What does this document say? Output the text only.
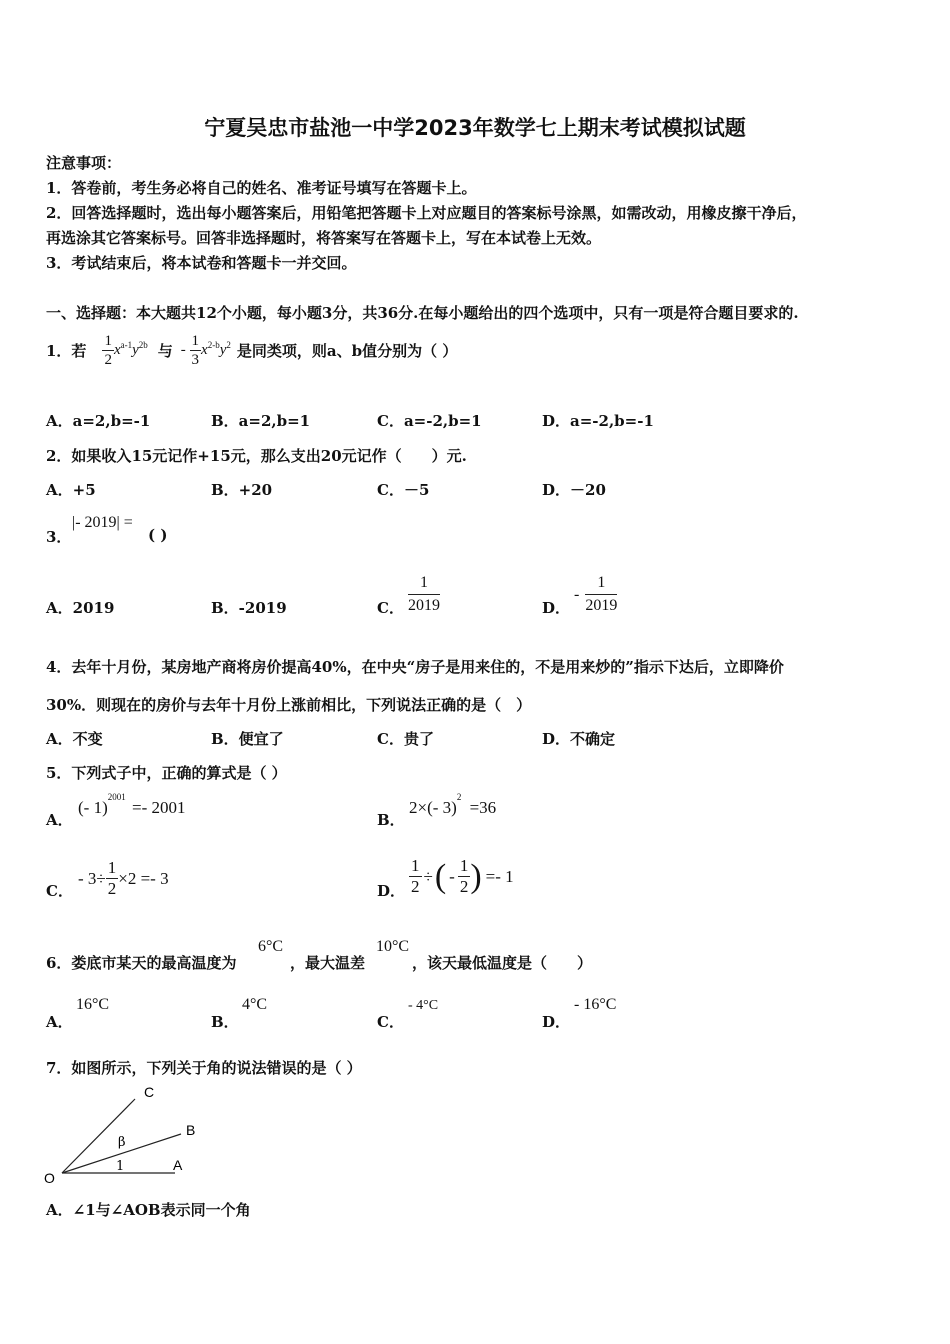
宁夏吴忠市盐池一中学2023年数学七上期末考试模拟试题
注意事项：
1．答卷前，考生务必将自己的姓名、准考证号填写在答题卡上。
2．回答选择题时，选出每小题答案后，用铅笔把答题卡上对应题目的答案标号涂黑，如需改动，用橡皮擦干净后，
再选涂其它答案标号。回答非选择题时，将答案写在答题卡上，写在本试卷上无效。
3．考试结束后，将本试卷和答题卡一并交回。
一、选择题：本大题共12个小题，每小题3分，共36分.在每小题给出的四个选项中，只有一项是符合题目要求的.
1．若 $\frac{1}{2} x^{a-1}y^{2b}$ 与 - $\frac{1}{3} x^{2-b}y^2$ 是同类项，则a、b值分别为（ ）
A．a=2,b=-1	B．a=2,b=1	C．a=-2,b=1	D．a=-2,b=-1
2．如果收入15元记作+15元，那么支出20元记作（　　）元.
A．+5	B．+20	C．－5	D．－20
3．
|- 2019| =
( )
A．2019	B．-2019	C． $\frac{1}{2019}$	D．
- $\frac{1}{2019}$
4．去年十月份，某房地产商将房价提高40%，在中央“房子是用来住的，不是用来炒的”指示下达后，立即降价
30%．则现在的房价与去年十月份上涨前相比，下列说法正确的是（　）
A．不变	B．便宜了	C．贵了	D．不确定
5．下列式子中，正确的算式是（ ）
A．
(- 1)$^{2001}$ =- 2001
B．
2×(- 3)$^2$ =36
C．
- $3\div \frac{1}{2} \times 2 =- 3$
D． $\frac{1}{2}$ ÷ ( - $\frac{1}{2}$ ) =- 1
6．娄底市某天的最高温度为
6°C
，最大温差
10°C
，该天最低温度是（　　）
A．
16°C
B．
4°C
C．
- 4°C
D．
- 16°C
7．如图所示，下列关于角的说法错误的是（ ）
O
A
B
C
β
1
A．∠1与∠AOB表示同一个角
